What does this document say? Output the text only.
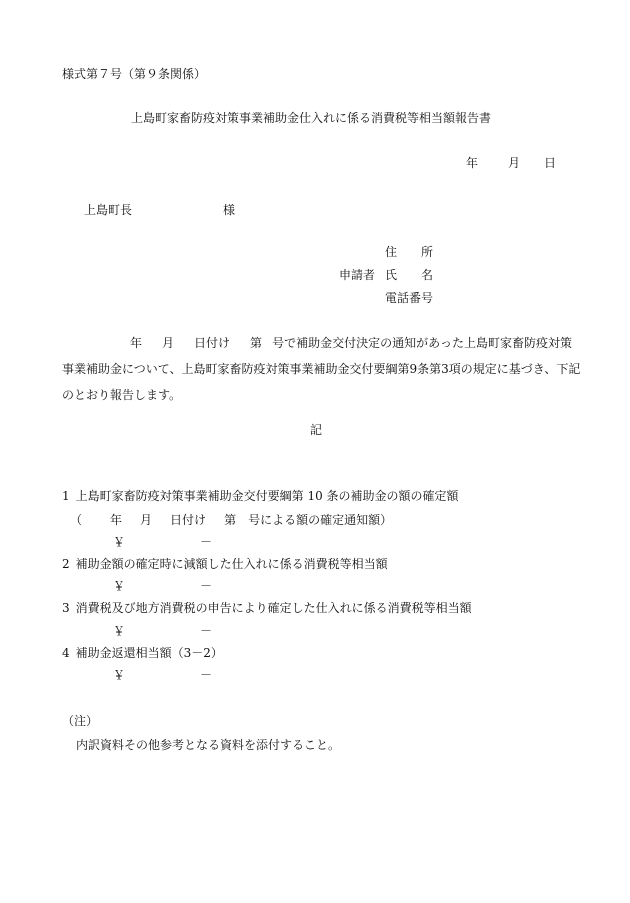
様式第７号（第９条関係）
上島町家畜防疫対策事業補助金仕入れに係る消費税等相当額報告書
年 月 日
上島町長	様
住　　所
申請者 氏　　名
電話番号
年 月 日付け 第 号で補助金交付決定の通知があった上島町家畜防疫対策事業補助金について、上島町家畜防疫対策事業補助金交付要綱第9条第3項の規定に基づき、下記のとおり報告します。
記
1 上島町家畜防疫対策事業補助金交付要綱第 10 条の補助金の額の確定額
（ 年 月 日付け 第 号による額の確定通知額）
￥	－
2 補助金額の確定時に減額した仕入れに係る消費税等相当額
￥	－
3 消費税及び地方消費税の申告により確定した仕入れに係る消費税等相当額
￥	－
4 補助金返還相当額（3－2）
￥	－
（注）
内訳資料その他参考となる資料を添付すること。
